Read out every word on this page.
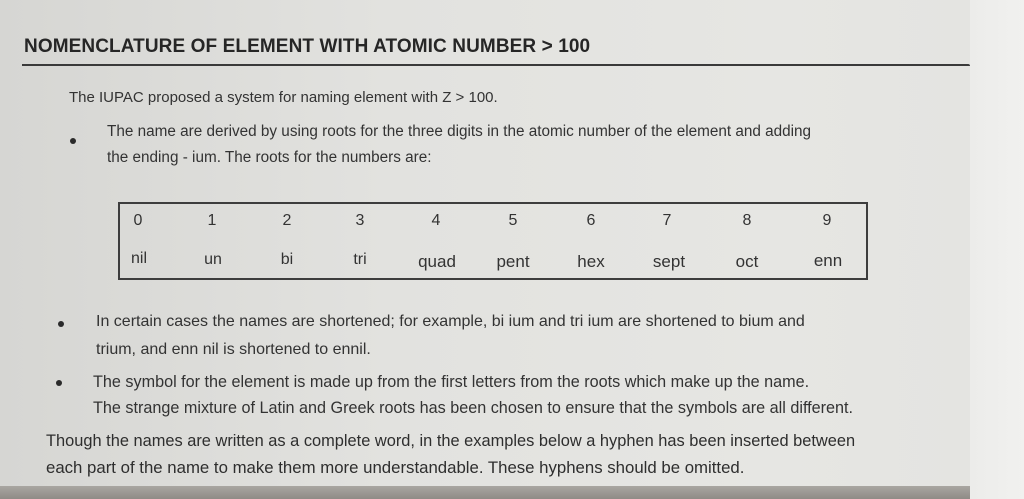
NOMENCLATURE OF ELEMENT WITH ATOMIC NUMBER > 100
The IUPAC proposed a system for naming element with Z > 100.
The name are derived by using roots for the three digits in the atomic number of the element and adding
the ending - ium. The roots for the numbers are:
0	1	2	3	4	5	6	7	8	9
nil	un	bi	tri	quad	pent	hex	sept	oct	enn
In certain cases the names are shortened; for example, bi ium and tri ium are shortened to bium and
trium, and enn nil is shortened to ennil.
The symbol for the element is made up from the first letters from the roots which make up the name.
The strange mixture of Latin and Greek roots has been chosen to ensure that the symbols are all different.
Though the names are written as a complete word, in the examples below a hyphen has been inserted between
each part of the name to make them more understandable. These hyphens should be omitted.
